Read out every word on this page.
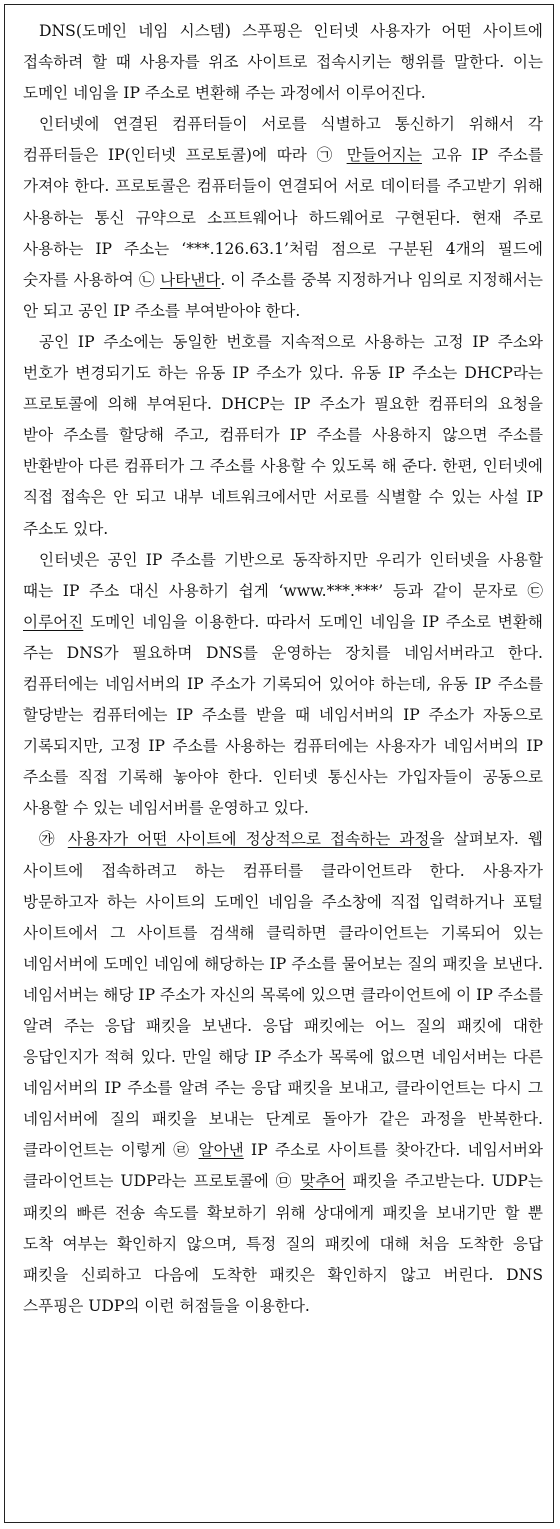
DNS(도메인 네임 시스템) 스푸핑은 인터넷 사용자가 어떤 사이트에 접속하려 할 때 사용자를 위조 사이트로 접속시키는 행위를 말한다. 이는 도메인 네임을 IP 주소로 변환해 주는 과정에서 이루어진다.

인터넷에 연결된 컴퓨터들이 서로를 식별하고 통신하기 위해서 각 컴퓨터들은 IP(인터넷 프로토콜)에 따라 ㉠ 만들어지는 고유 IP 주소를 가져야 한다. 프로토콜은 컴퓨터들이 연결되어 서로 데이터를 주고받기 위해 사용하는 통신 규약으로 소프트웨어나 하드웨어로 구현된다. 현재 주로 사용하는 IP 주소는 ‘***.126.63.1’처럼 점으로 구분된 4개의 필드에 숫자를 사용하여 ㉡ 나타낸다. 이 주소를 중복 지정하거나 임의로 지정해서는 안 되고 공인 IP 주소를 부여받아야 한다.

공인 IP 주소에는 동일한 번호를 지속적으로 사용하는 고정 IP 주소와 번호가 변경되기도 하는 유동 IP 주소가 있다. 유동 IP 주소는 DHCP라는 프로토콜에 의해 부여된다. DHCP는 IP 주소가 필요한 컴퓨터의 요청을 받아 주소를 할당해 주고, 컴퓨터가 IP 주소를 사용하지 않으면 주소를 반환받아 다른 컴퓨터가 그 주소를 사용할 수 있도록 해 준다. 한편, 인터넷에 직접 접속은 안 되고 내부 네트워크에서만 서로를 식별할 수 있는 사설 IP 주소도 있다.

인터넷은 공인 IP 주소를 기반으로 동작하지만 우리가 인터넷을 사용할 때는 IP 주소 대신 사용하기 쉽게 ‘www.***.***’ 등과 같이 문자로 ㉢ 이루어진 도메인 네임을 이용한다. 따라서 도메인 네임을 IP 주소로 변환해 주는 DNS가 필요하며 DNS를 운영하는 장치를 네임서버라고 한다. 컴퓨터에는 네임서버의 IP 주소가 기록되어 있어야 하는데, 유동 IP 주소를 할당받는 컴퓨터에는 IP 주소를 받을 때 네임서버의 IP 주소가 자동으로 기록되지만, 고정 IP 주소를 사용하는 컴퓨터에는 사용자가 네임서버의 IP 주소를 직접 기록해 놓아야 한다. 인터넷 통신사는 가입자들이 공동으로 사용할 수 있는 네임서버를 운영하고 있다.

㉮ 사용자가 어떤 사이트에 정상적으로 접속하는 과정을 살펴보자. 웹 사이트에 접속하려고 하는 컴퓨터를 클라이언트라 한다. 사용자가 방문하고자 하는 사이트의 도메인 네임을 주소창에 직접 입력하거나 포털 사이트에서 그 사이트를 검색해 클릭하면 클라이언트는 기록되어 있는 네임서버에 도메인 네임에 해당하는 IP 주소를 물어보는 질의 패킷을 보낸다. 네임서버는 해당 IP 주소가 자신의 목록에 있으면 클라이언트에 이 IP 주소를 알려 주는 응답 패킷을 보낸다. 응답 패킷에는 어느 질의 패킷에 대한 응답인지가 적혀 있다. 만일 해당 IP 주소가 목록에 없으면 네임서버는 다른 네임서버의 IP 주소를 알려 주는 응답 패킷을 보내고, 클라이언트는 다시 그 네임서버에 질의 패킷을 보내는 단계로 돌아가 같은 과정을 반복한다. 클라이언트는 이렇게 ㉣ 알아낸 IP 주소로 사이트를 찾아간다. 네임서버와 클라이언트는 UDP라는 프로토콜에 ㉤ 맞추어 패킷을 주고받는다. UDP는 패킷의 빠른 전송 속도를 확보하기 위해 상대에게 패킷을 보내기만 할 뿐 도착 여부는 확인하지 않으며, 특정 질의 패킷에 대해 처음 도착한 응답 패킷을 신뢰하고 다음에 도착한 패킷은 확인하지 않고 버린다. DNS 스푸핑은 UDP의 이런 허점들을 이용한다.
